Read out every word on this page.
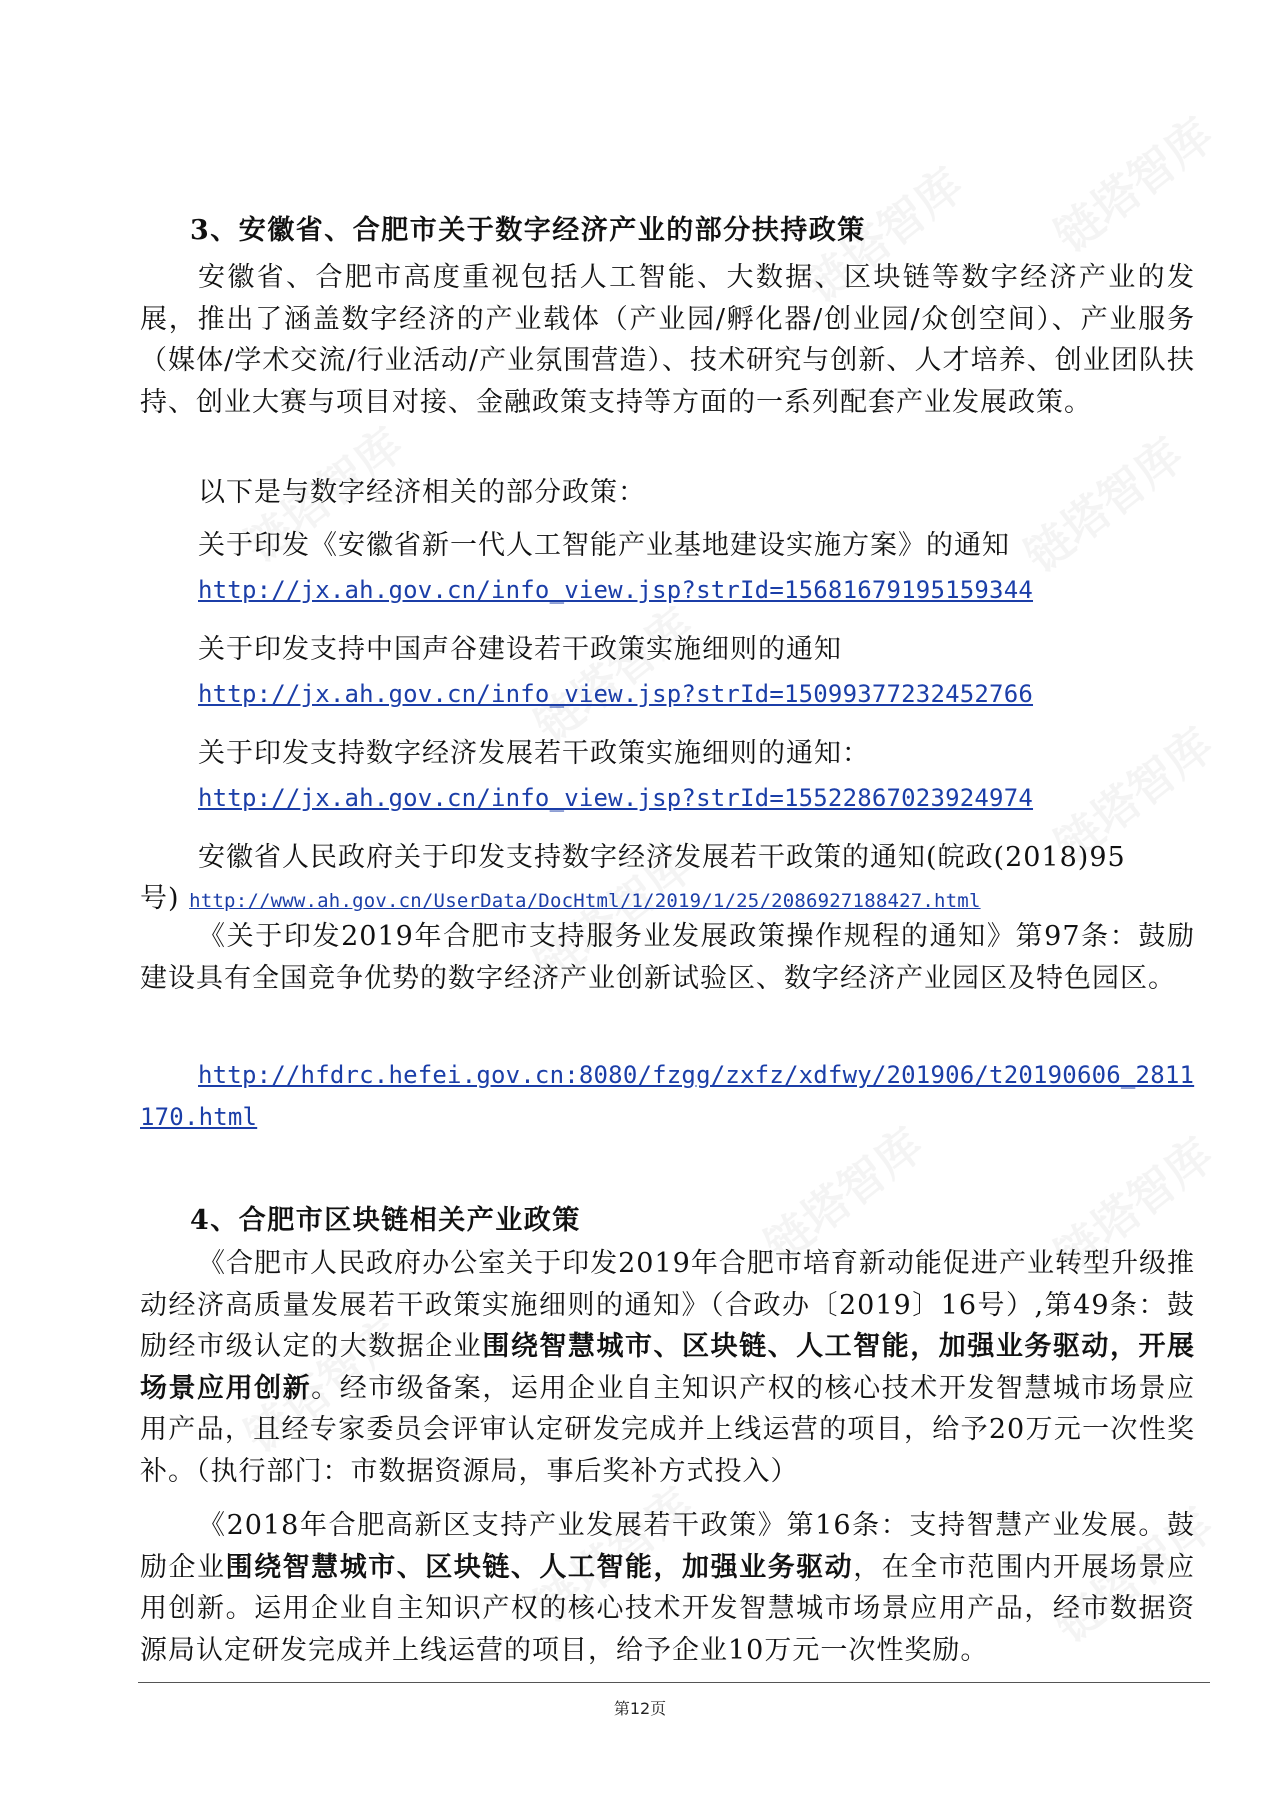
3、安徽省、合肥市关于数字经济产业的部分扶持政策

安徽省、合肥市高度重视包括人工智能、大数据、区块链等数字经济产业的发展，推出了涵盖数字经济的产业载体（产业园/孵化器/创业园/众创空间）、产业服务（媒体/学术交流/行业活动/产业氛围营造）、技术研究与创新、人才培养、创业团队扶持、创业大赛与项目对接、金融政策支持等方面的一系列配套产业发展政策。

以下是与数字经济相关的部分政策：
关于印发《安徽省新一代人工智能产业基地建设实施方案》的通知
http://jx.ah.gov.cn/info_view.jsp?strId=15681679195159344
关于印发支持中国声谷建设若干政策实施细则的通知
http://jx.ah.gov.cn/info_view.jsp?strId=15099377232452766
关于印发支持数字经济发展若干政策实施细则的通知：
http://jx.ah.gov.cn/info_view.jsp?strId=15522867023924974
安徽省人民政府关于印发支持数字经济发展若干政策的通知(皖政(2018)95
号) http://www.ah.gov.cn/UserData/DocHtml/1/2019/1/25/2086927188427.html

《关于印发2019年合肥市支持服务业发展政策操作规程的通知》第97条：鼓励建设具有全国竞争优势的数字经济产业创新试验区、数字经济产业园区及特色园区。

http://hfdrc.hefei.gov.cn:8080/fzgg/zxfz/xdfwy/201906/t20190606_2811170.html

4、合肥市区块链相关产业政策

《合肥市人民政府办公室关于印发2019年合肥市培育新动能促进产业转型升级推动经济高质量发展若干政策实施细则的通知》（合政办〔2019〕16号）,第49条：鼓励经市级认定的大数据企业围绕智慧城市、区块链、人工智能，加强业务驱动，开展场景应用创新。经市级备案，运用企业自主知识产权的核心技术开发智慧城市场景应用产品，且经专家委员会评审认定研发完成并上线运营的项目，给予20万元一次性奖补。（执行部门：市数据资源局，事后奖补方式投入）

《2018年合肥高新区支持产业发展若干政策》第16条：支持智慧产业发展。鼓励企业围绕智慧城市、区块链、人工智能，加强业务驱动，在全市范围内开展场景应用创新。运用企业自主知识产权的核心技术开发智慧城市场景应用产品，经市数据资源局认定研发完成并上线运营的项目，给予企业10万元一次性奖励。

第12页
